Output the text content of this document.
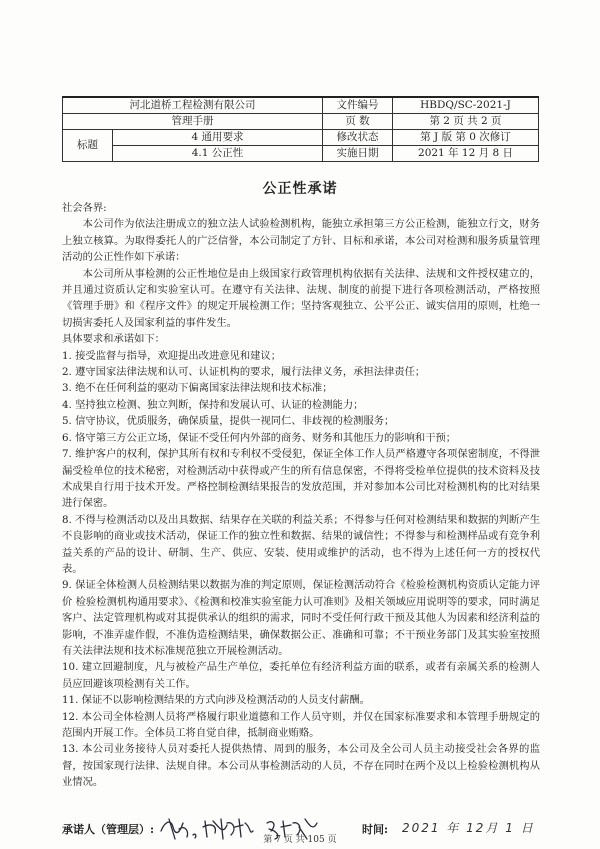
河北道桥工程检测有限公司		文件编号	HBDQ/SC-2021-J
管理手册		页 数	第 2 页 共 2 页
标题	4 通用要求	修改状态	第 J 版 第 0 次修订
	4.1 公正性	实施日期	2021 年 12 月 8 日
公正性承诺

社会各界:

本公司作为依法注册成立的独立法人试验检测机构，能独立承担第三方公正检测，能独立行文，财务上独立核算。为取得委托人的广泛信誉，本公司制定了方针、目标和承诺，本公司对检测和服务质量管理活动的公正性作如下承诺：

本公司所从事检测的公正性地位是由上级国家行政管理机构依据有关法律、法规和文件授权建立的，并且通过资质认定和实验室认可。在遵守有关法律、法规、制度的前提下进行各项检测活动，严格按照《管理手册》和《程序文件》的规定开展检测工作；坚持客观独立、公平公正、诚实信用的原则，杜绝一切损害委托人及国家利益的事件发生。

具体要求和承诺如下：

1. 接受监督与指导，欢迎提出改进意见和建议；

2. 遵守国家法律法规和认可、认证机构的要求，履行法律义务，承担法律责任；

3. 绝不在任何利益的驱动下偏离国家法律法规和技术标准；

4. 坚持独立检测、独立判断，保持和发展认可、认证的检测能力；

5. 信守协议，优质服务，确保质量，提供一视同仁、非歧视的检测服务；

6. 恪守第三方公正立场，保证不受任何内外部的商务、财务和其他压力的影响和干预；

7. 维护客户的权利，保护其所有权和专利权不受侵犯，保证全体工作人员严格遵守各项保密制度，不得泄漏受检单位的技术秘密，对检测活动中获得或产生的所有信息保密，不得将受检单位提供的技术资料及技术成果自行用于技术开发。严格控制检测结果报告的发放范围，并对参加本公司比对检测机构的比对结果进行保密。

8. 不得与检测活动以及出具数据、结果存在关联的利益关系；不得参与任何对检测结果和数据的判断产生不良影响的商业或技术活动，保证工作的独立性和数据、结果的诚信性；不得参与和检测样品或有竞争利益关系的产品的设计、研制、生产、供应、安装、使用或维护的活动，也不得为上述任何一方的授权代表。

9. 保证全体检测人员检测结果以数据为准的判定原则，保证检测活动符合《检验检测机构资质认定能力评价 检验检测机构通用要求》、《检测和校准实验室能力认可准则》及相关领域应用说明等的要求，同时满足客户、法定管理机构或对其提供承认的组织的需求，同时不受任何行政干预及其他人为因素和经济利益的影响，不准弄虚作假，不准伪造检测结果，确保数据公正、准确和可靠；不干预业务部门及其实验室按照有关法律法规和技术标准规范独立开展检测活动。

10. 建立回避制度，凡与被检产品生产单位，委托单位有经济利益方面的联系，或者有亲属关系的检测人员应回避该项检测有关工作。

11. 保证不以影响检测结果的方式向涉及检测活动的人员支付薪酬。

12. 本公司全体检测人员将严格履行职业道德和工作人员守则，并仅在国家标准要求和本管理手册规定的范围内开展工作。全体员工将自觉自律，抵制商业贿赂。

13. 本公司业务接待人员对委托人提供热情、周到的服务，本公司及全公司人员主动接受社会各界的监督，按国家现行法律、法规自律。本公司从事检测活动的人员，不存在同时在两个及以上检验检测机构从业情况。

承诺人（管理层）:	时间: 2021 年 12月 1 日
第 7 页 共 105 页
